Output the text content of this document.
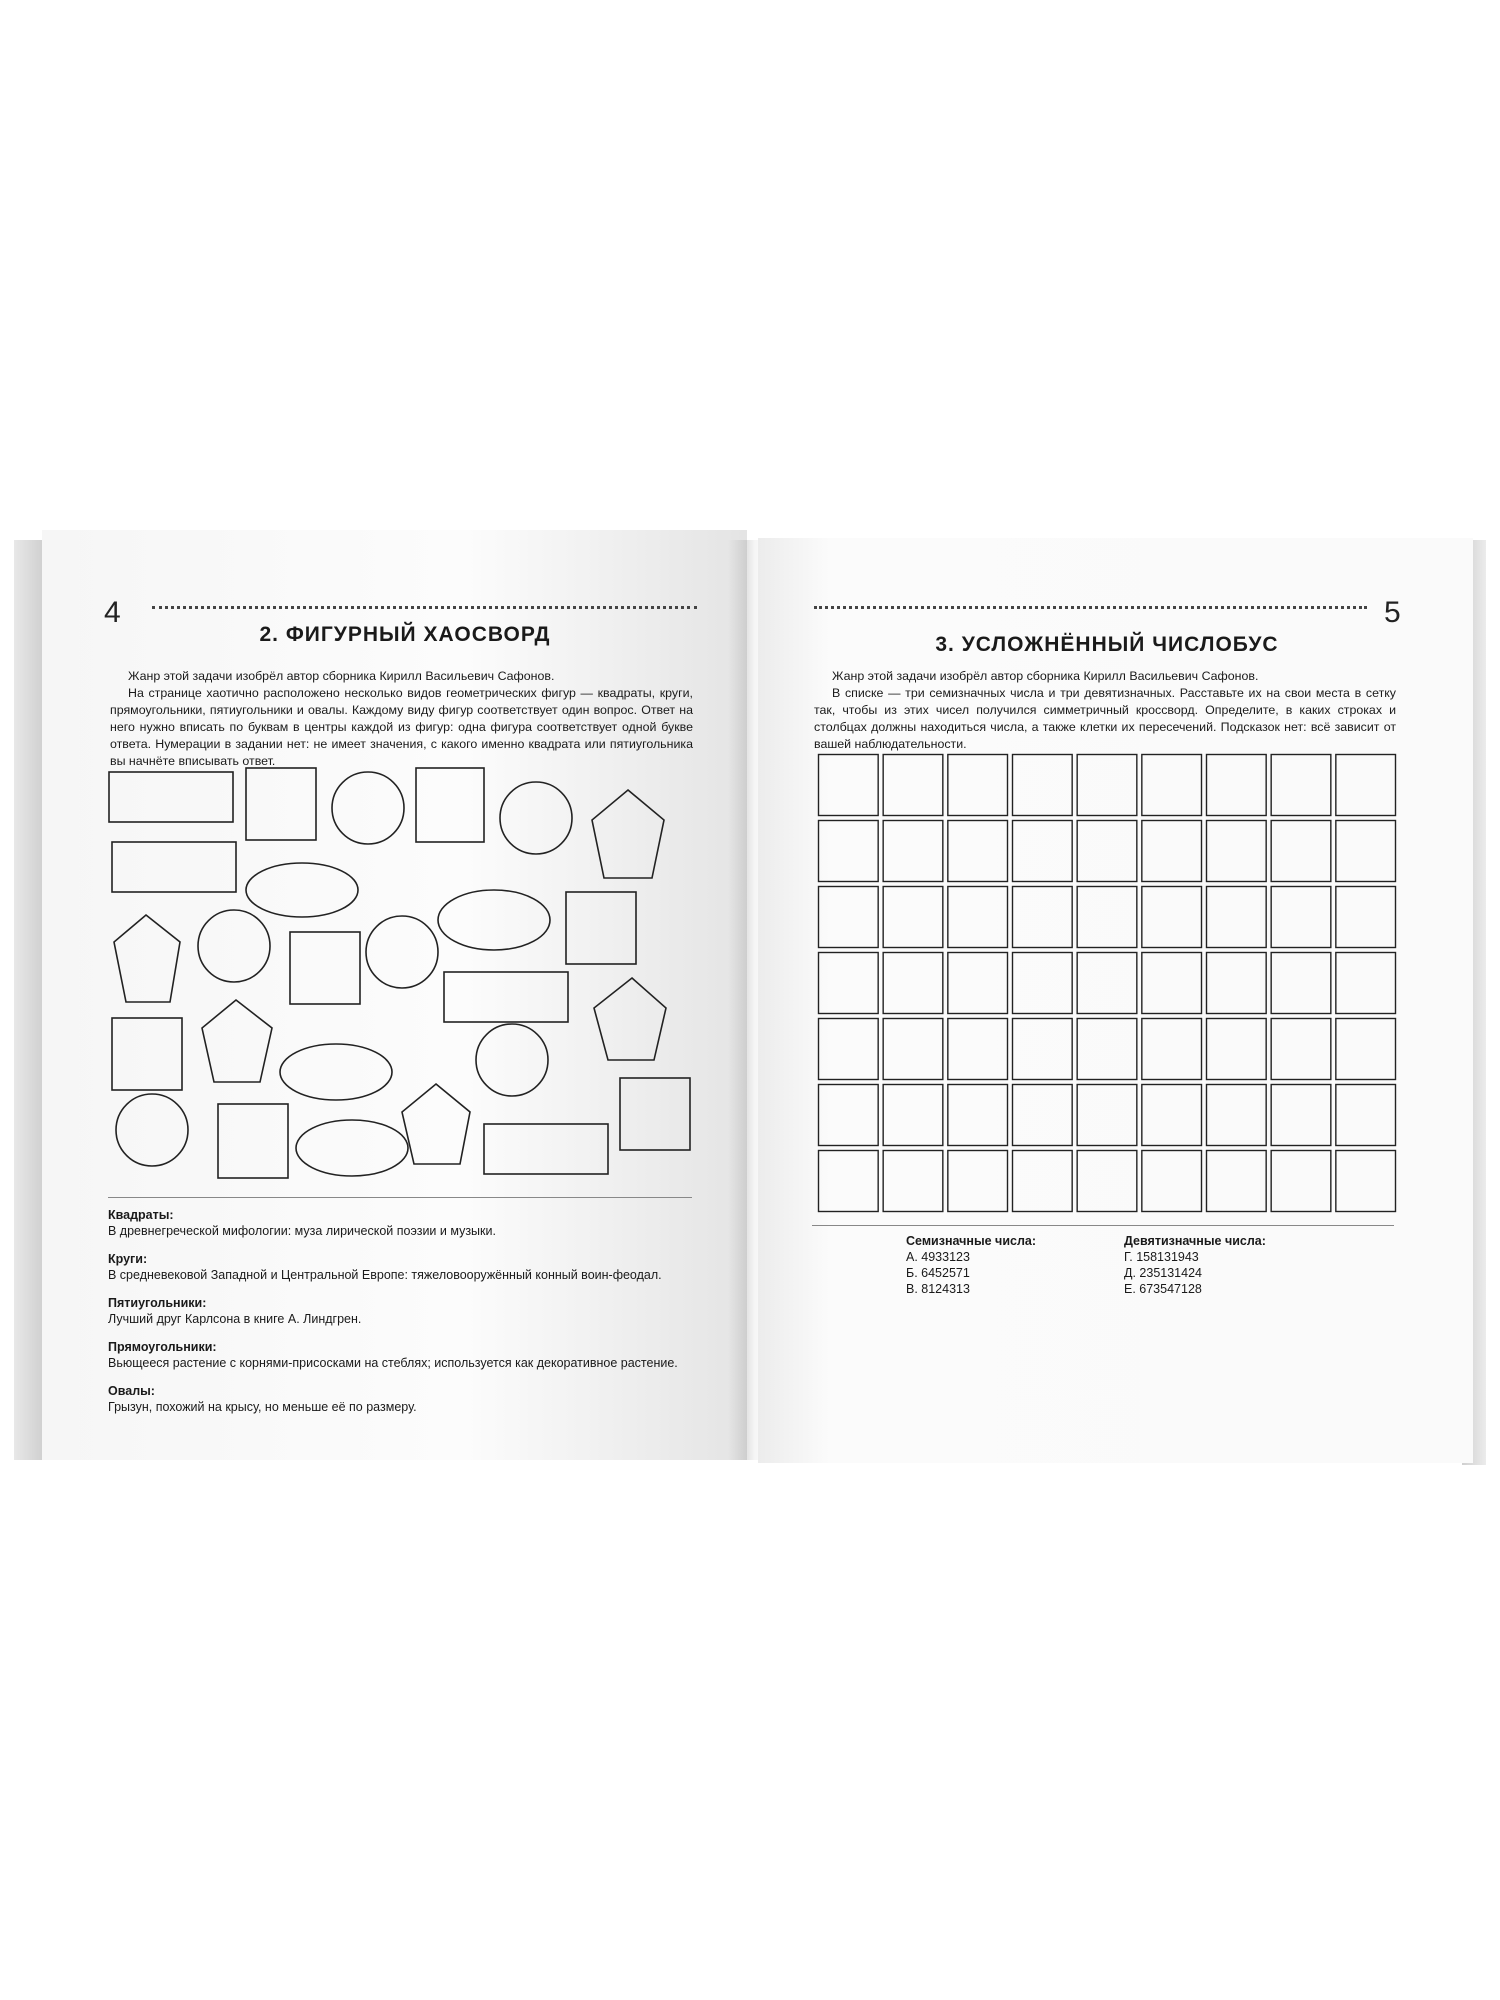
4
2. ФИГУРНЫЙ ХАОСВОРД

Жанр этой задачи изобрёл автор сборника Кирилл Васильевич Сафонов.

На странице хаотично расположено несколько видов геометрических фигур — квадраты, круги, прямоугольники, пятиугольники и овалы. Каждому виду фигур соответствует один вопрос. Ответ на него нужно вписать по буквам в центры каждой из фигур: одна фигура соответствует одной букве ответа. Нумерации в задании нет: не имеет значения, с какого именно квадрата или пятиугольника вы начнёте вписывать ответ.

Квадраты:
В древнегреческой мифологии: муза лирической поэзии и музыки.
Круги:
В средневековой Западной и Центральной Европе: тяжеловооружённый конный воин-феодал.
Пятиугольники:
Лучший друг Карлсона в книге А. Линдгрен.
Прямоугольники:
Вьющееся растение с корнями-присосками на стеблях; используется как декоративное растение.
Овалы:
Грызун, похожий на крысу, но меньше её по размеру.
5
3. УСЛОЖНЁННЫЙ ЧИСЛОБУС

Жанр этой задачи изобрёл автор сборника Кирилл Васильевич Сафонов.

В списке — три семизначных числа и три девятизначных. Расставьте их на свои места в сетку так, чтобы из этих чисел получился симметричный кроссворд. Определите, в каких строках и столбцах должны находиться числа, а также клетки их пересечений. Подсказок нет: всё зависит от вашей наблюдательности.

Семизначные числа:
А. 4933123
Б. 6452571
В. 8124313
Девятизначные числа:
Г. 158131943
Д. 235131424
Е. 673547128
